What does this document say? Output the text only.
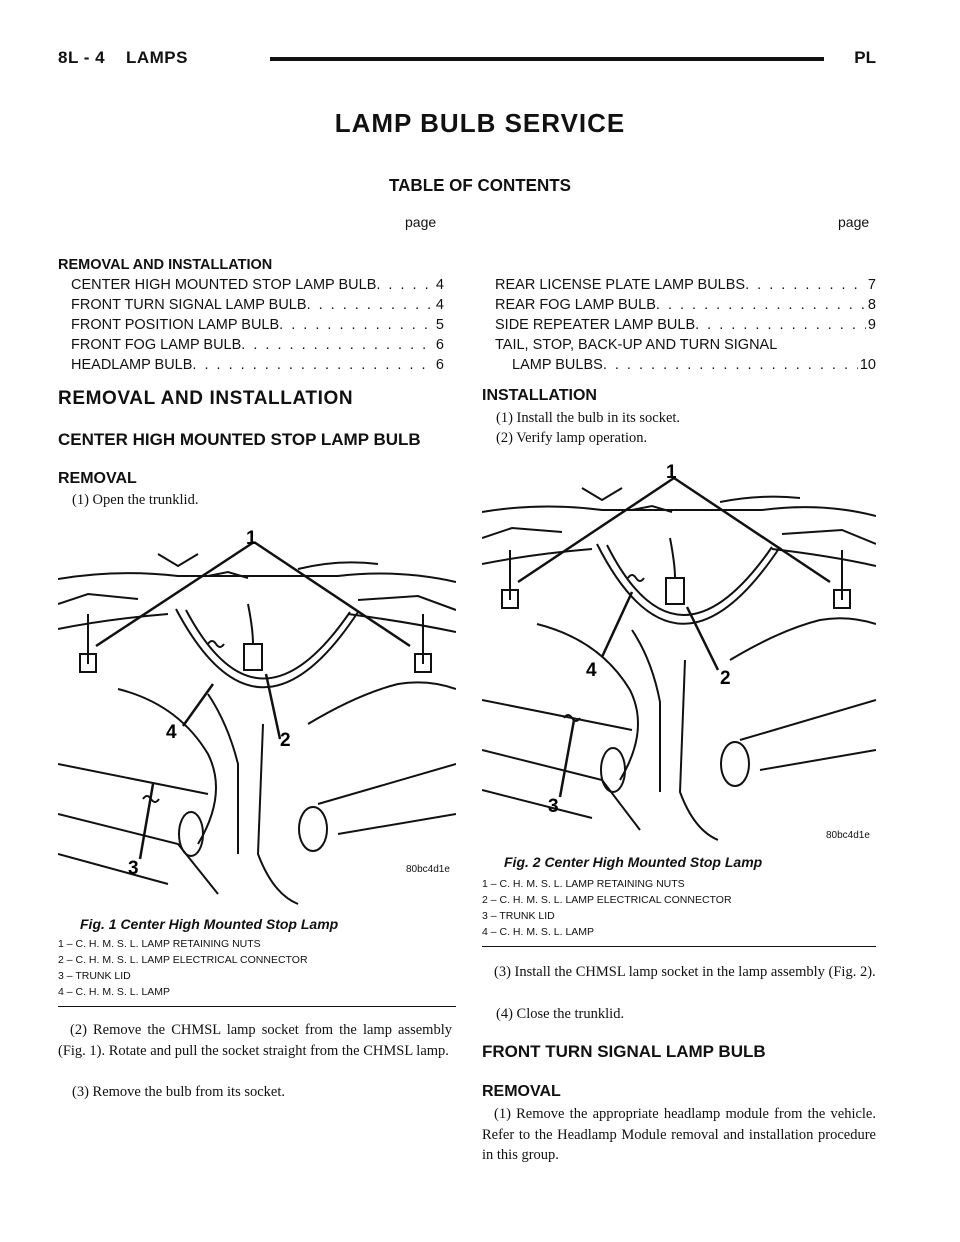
8L - 4    LAMPS	PL
LAMP BULB SERVICE
TABLE OF CONTENTS
page	page
REMOVAL AND INSTALLATION
CENTER HIGH MOUNTED STOP LAMP BULB . . .	4
FRONT TURN SIGNAL LAMP BULB . . .	4
FRONT POSITION LAMP BULB . . .	5
FRONT FOG LAMP BULB . . .	6
HEADLAMP BULB . . .	6
REAR LICENSE PLATE LAMP BULBS . . .	7
REAR FOG LAMP BULB . . .	8
SIDE REPEATER LAMP BULB . . .	9
TAIL, STOP, BACK-UP AND TURN SIGNAL
LAMP BULBS . . .	10
REMOVAL AND INSTALLATION
CENTER HIGH MOUNTED STOP LAMP BULB
REMOVAL
(1) Open the trunklid.
1
2
3
4
80bc4d1e
Fig. 1 Center High Mounted Stop Lamp
1 – C. H. M. S. L. LAMP RETAINING NUTS
2 – C. H. M. S. L. LAMP ELECTRICAL CONNECTOR
3 – TRUNK LID
4 – C. H. M. S. L. LAMP
(2) Remove the CHMSL lamp socket from the lamp assembly (Fig. 1). Rotate and pull the socket straight from the CHMSL lamp.
(3) Remove the bulb from its socket.
INSTALLATION
(1) Install the bulb in its socket.
(2) Verify lamp operation.
1
2
3
4
80bc4d1e
Fig. 2 Center High Mounted Stop Lamp
1 – C. H. M. S. L. LAMP RETAINING NUTS
2 – C. H. M. S. L. LAMP ELECTRICAL CONNECTOR
3 – TRUNK LID
4 – C. H. M. S. L. LAMP
(3) Install the CHMSL lamp socket in the lamp assembly (Fig. 2).
(4) Close the trunklid.
FRONT TURN SIGNAL LAMP BULB
REMOVAL
(1) Remove the appropriate headlamp module from the vehicle. Refer to the Headlamp Module removal and installation procedure in this group.
